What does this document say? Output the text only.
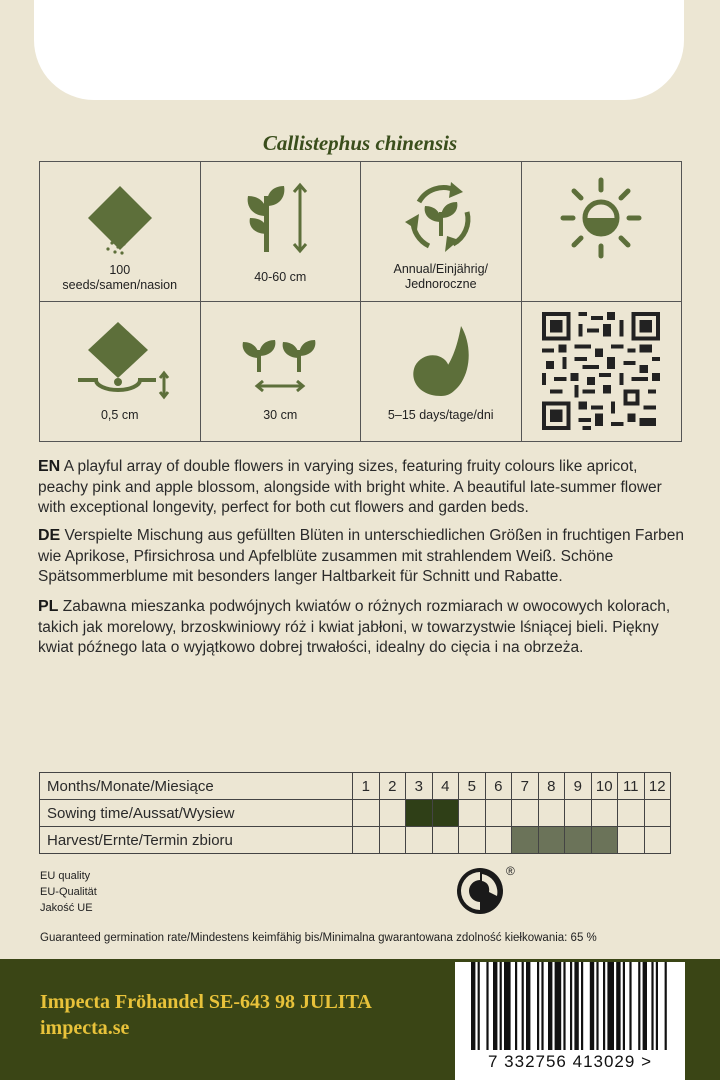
Callistephus chinensis
100
seeds/samen/nasion
40-60 cm
Annual/Einjährig/
Jednoroczne
0,5 cm	30 cm	5–15 days/tage/dni
EN A playful array of double flowers in varying sizes, featuring fruity colours like apricot, peachy pink and apple blossom, alongside with bright white. A beautiful late-summer flower with exceptional longevity, perfect for both cut flowers and garden beds.
DE Verspielte Mischung aus gefüllten Blüten in unterschiedlichen Größen in fruchtigen Farben wie Aprikose, Pfirsichrosa und Apfelblüte zusammen mit strahlendem Weiß. Schöne Spätsommerblume mit besonders langer Haltbarkeit für Schnitt und Rabatte.
PL Zabawna mieszanka podwójnych kwiatów o różnych rozmiarach w owocowych kolorach, takich jak morelowy, brzoskwiniowy róż i kwiat jabłoni, w towarzystwie lśniącej bieli. Piękny kwiat późnego lata o wyjątkowo dobrej trwałości, idealny do cięcia i na obrzeża.
Months/Monate/Miesiące	1	2	3	4	5	6	7	8	9	10	11	12
Sowing time/Aussat/Wysiew												
Harvest/Ernte/Termin zbioru												
EU quality
EU-Qualität
Jakość UE
®
Guaranteed germination rate/Mindestens keimfähig bis/Minimalna gwarantowana zdolność kiełkowania: 65 %
Impecta Fröhandel SE-643 98 JULITA
impecta.se
7 332756 413029 >
